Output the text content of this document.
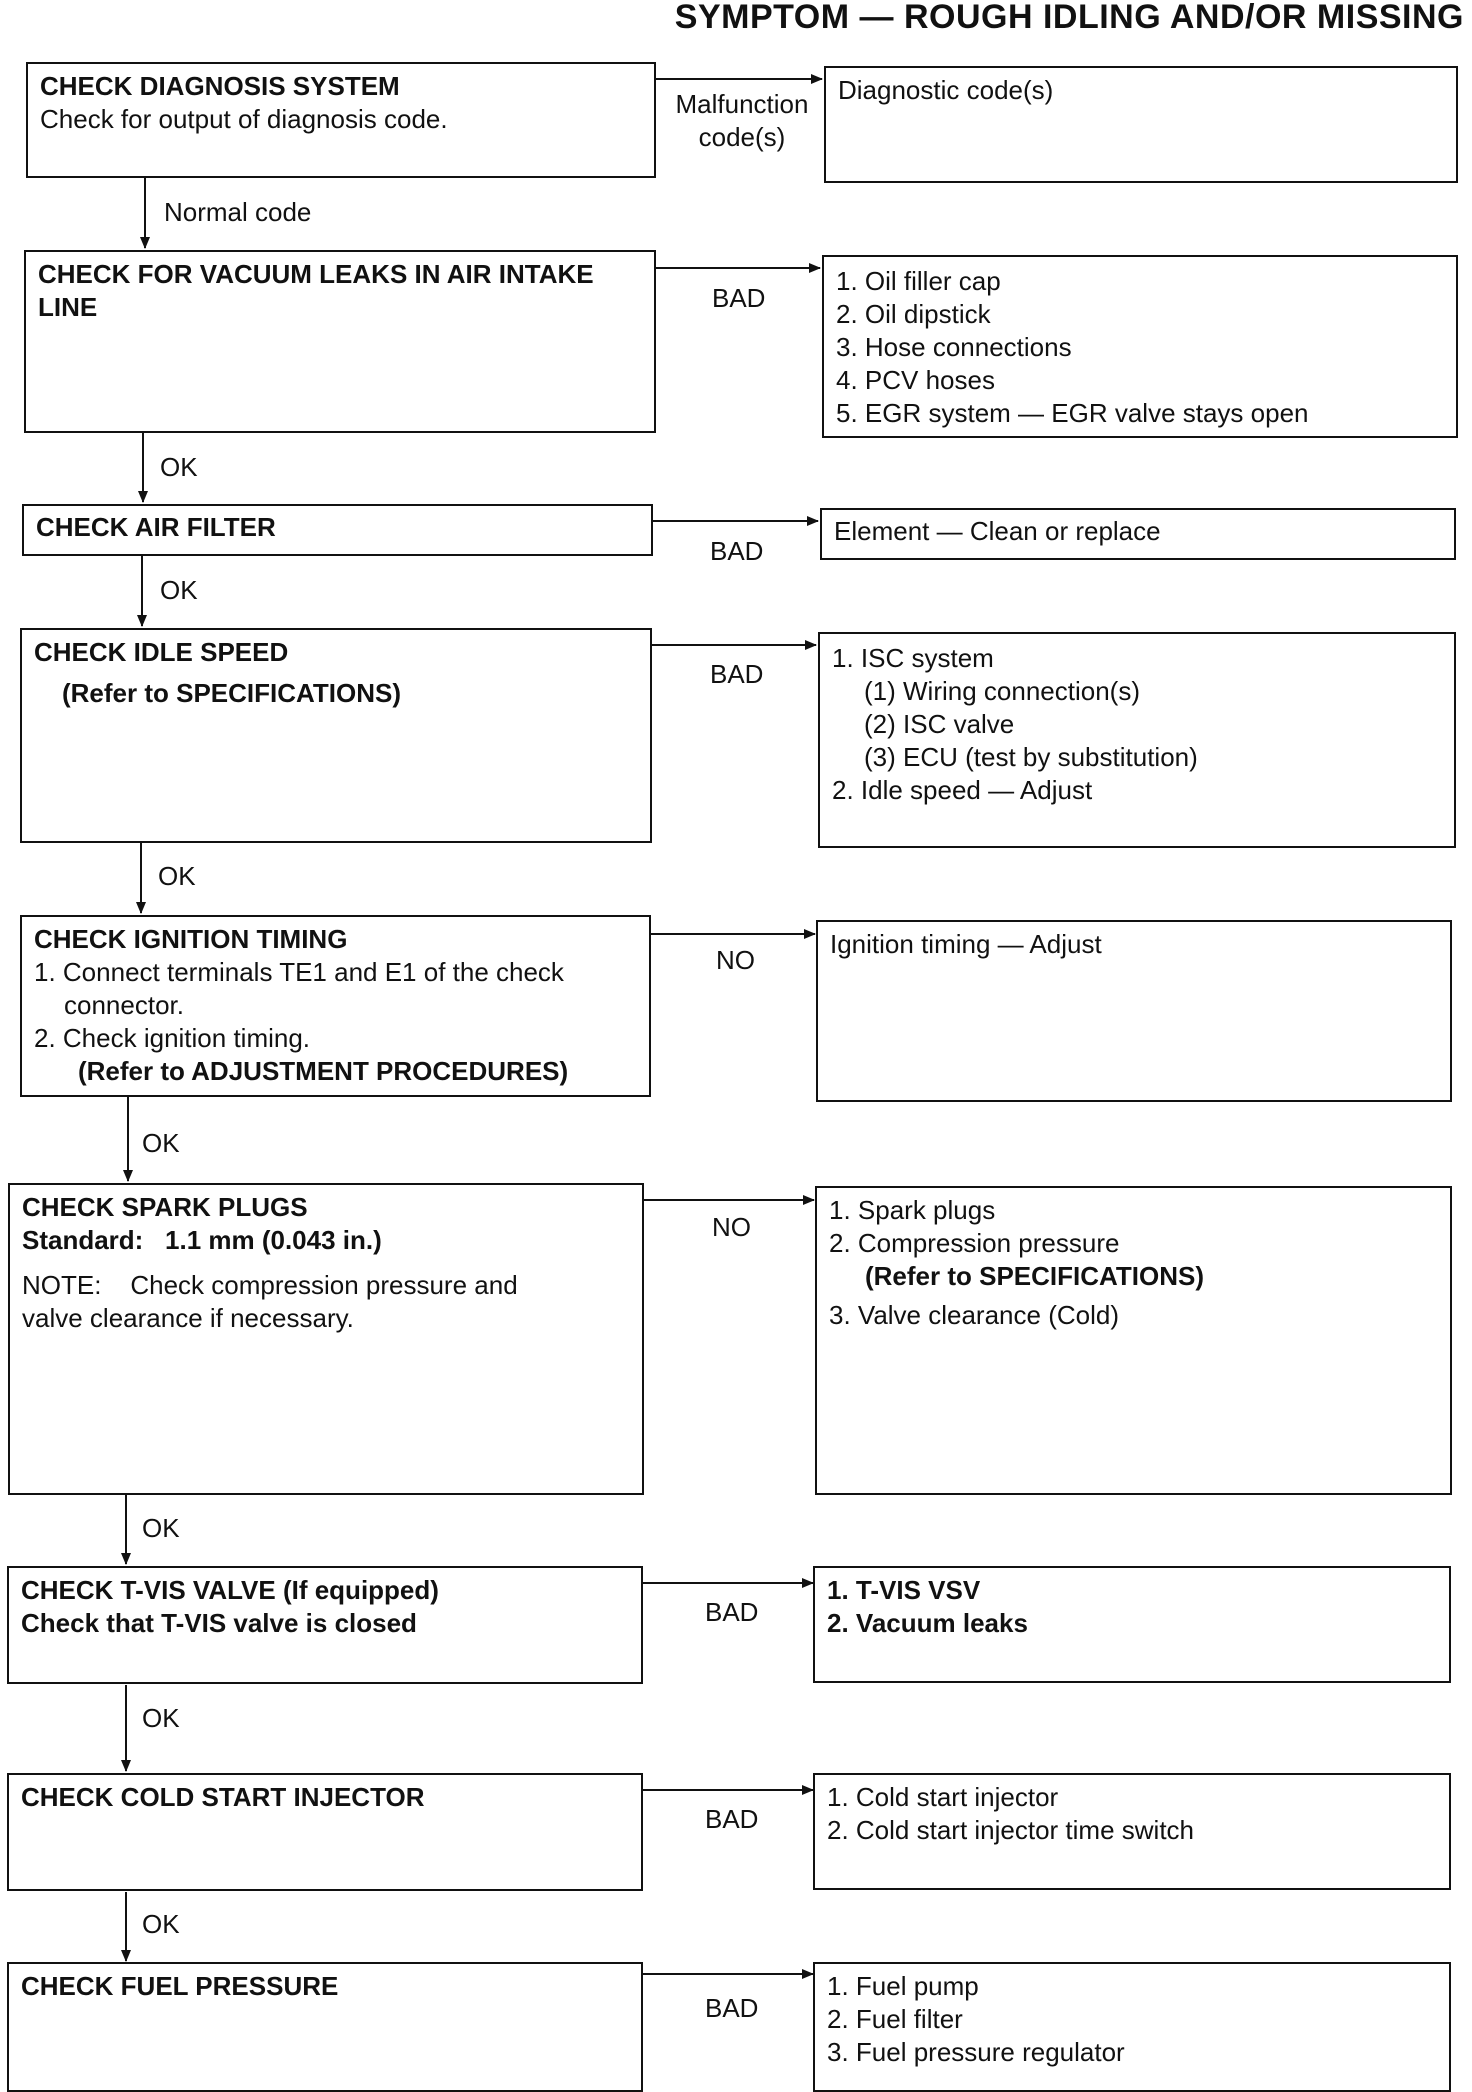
SYMPTOM — ROUGH IDLING AND/OR MISSING
CHECK DIAGNOSIS SYSTEM
Check for output of diagnosis code.	Malfunction
code(s)
Diagnostic code(s)
Normal code
CHECK FOR VACUUM LEAKS IN AIR INTAKE LINE	BAD
1. Oil filler cap
2. Oil dipstick
3. Hose connections
4. PCV hoses
5. EGR system — EGR valve stays open
OK
CHECK AIR FILTER
BAD
Element — Clean or replace
OK
CHECK IDLE SPEED
(Refer to SPECIFICATIONS)
BAD
1. ISC system
(1) Wiring connection(s)
(2) ISC valve
(3) ECU (test by substitution)
2. Idle speed — Adjust
OK
CHECK IGNITION TIMING
1. Connect terminals TE1 and E1 of the check
connector.
2. Check ignition timing.
(Refer to ADJUSTMENT PROCEDURES)
NO
Ignition timing — Adjust
OK
CHECK SPARK PLUGS
Standard: 1.1 mm (0.043 in.)
NOTE: Check compression pressure and
valve clearance if necessary.
NO
1. Spark plugs
2. Compression pressure
(Refer to SPECIFICATIONS)
3. Valve clearance (Cold)
OK
CHECK T-VIS VALVE (If equipped)
Check that T-VIS valve is closed	BAD
1. T-VIS VSV
2. Vacuum leaks
OK
CHECK COLD START INJECTOR
BAD
1. Cold start injector
2. Cold start injector time switch
OK
CHECK FUEL PRESSURE
BAD
1. Fuel pump
2. Fuel filter
3. Fuel pressure regulator
